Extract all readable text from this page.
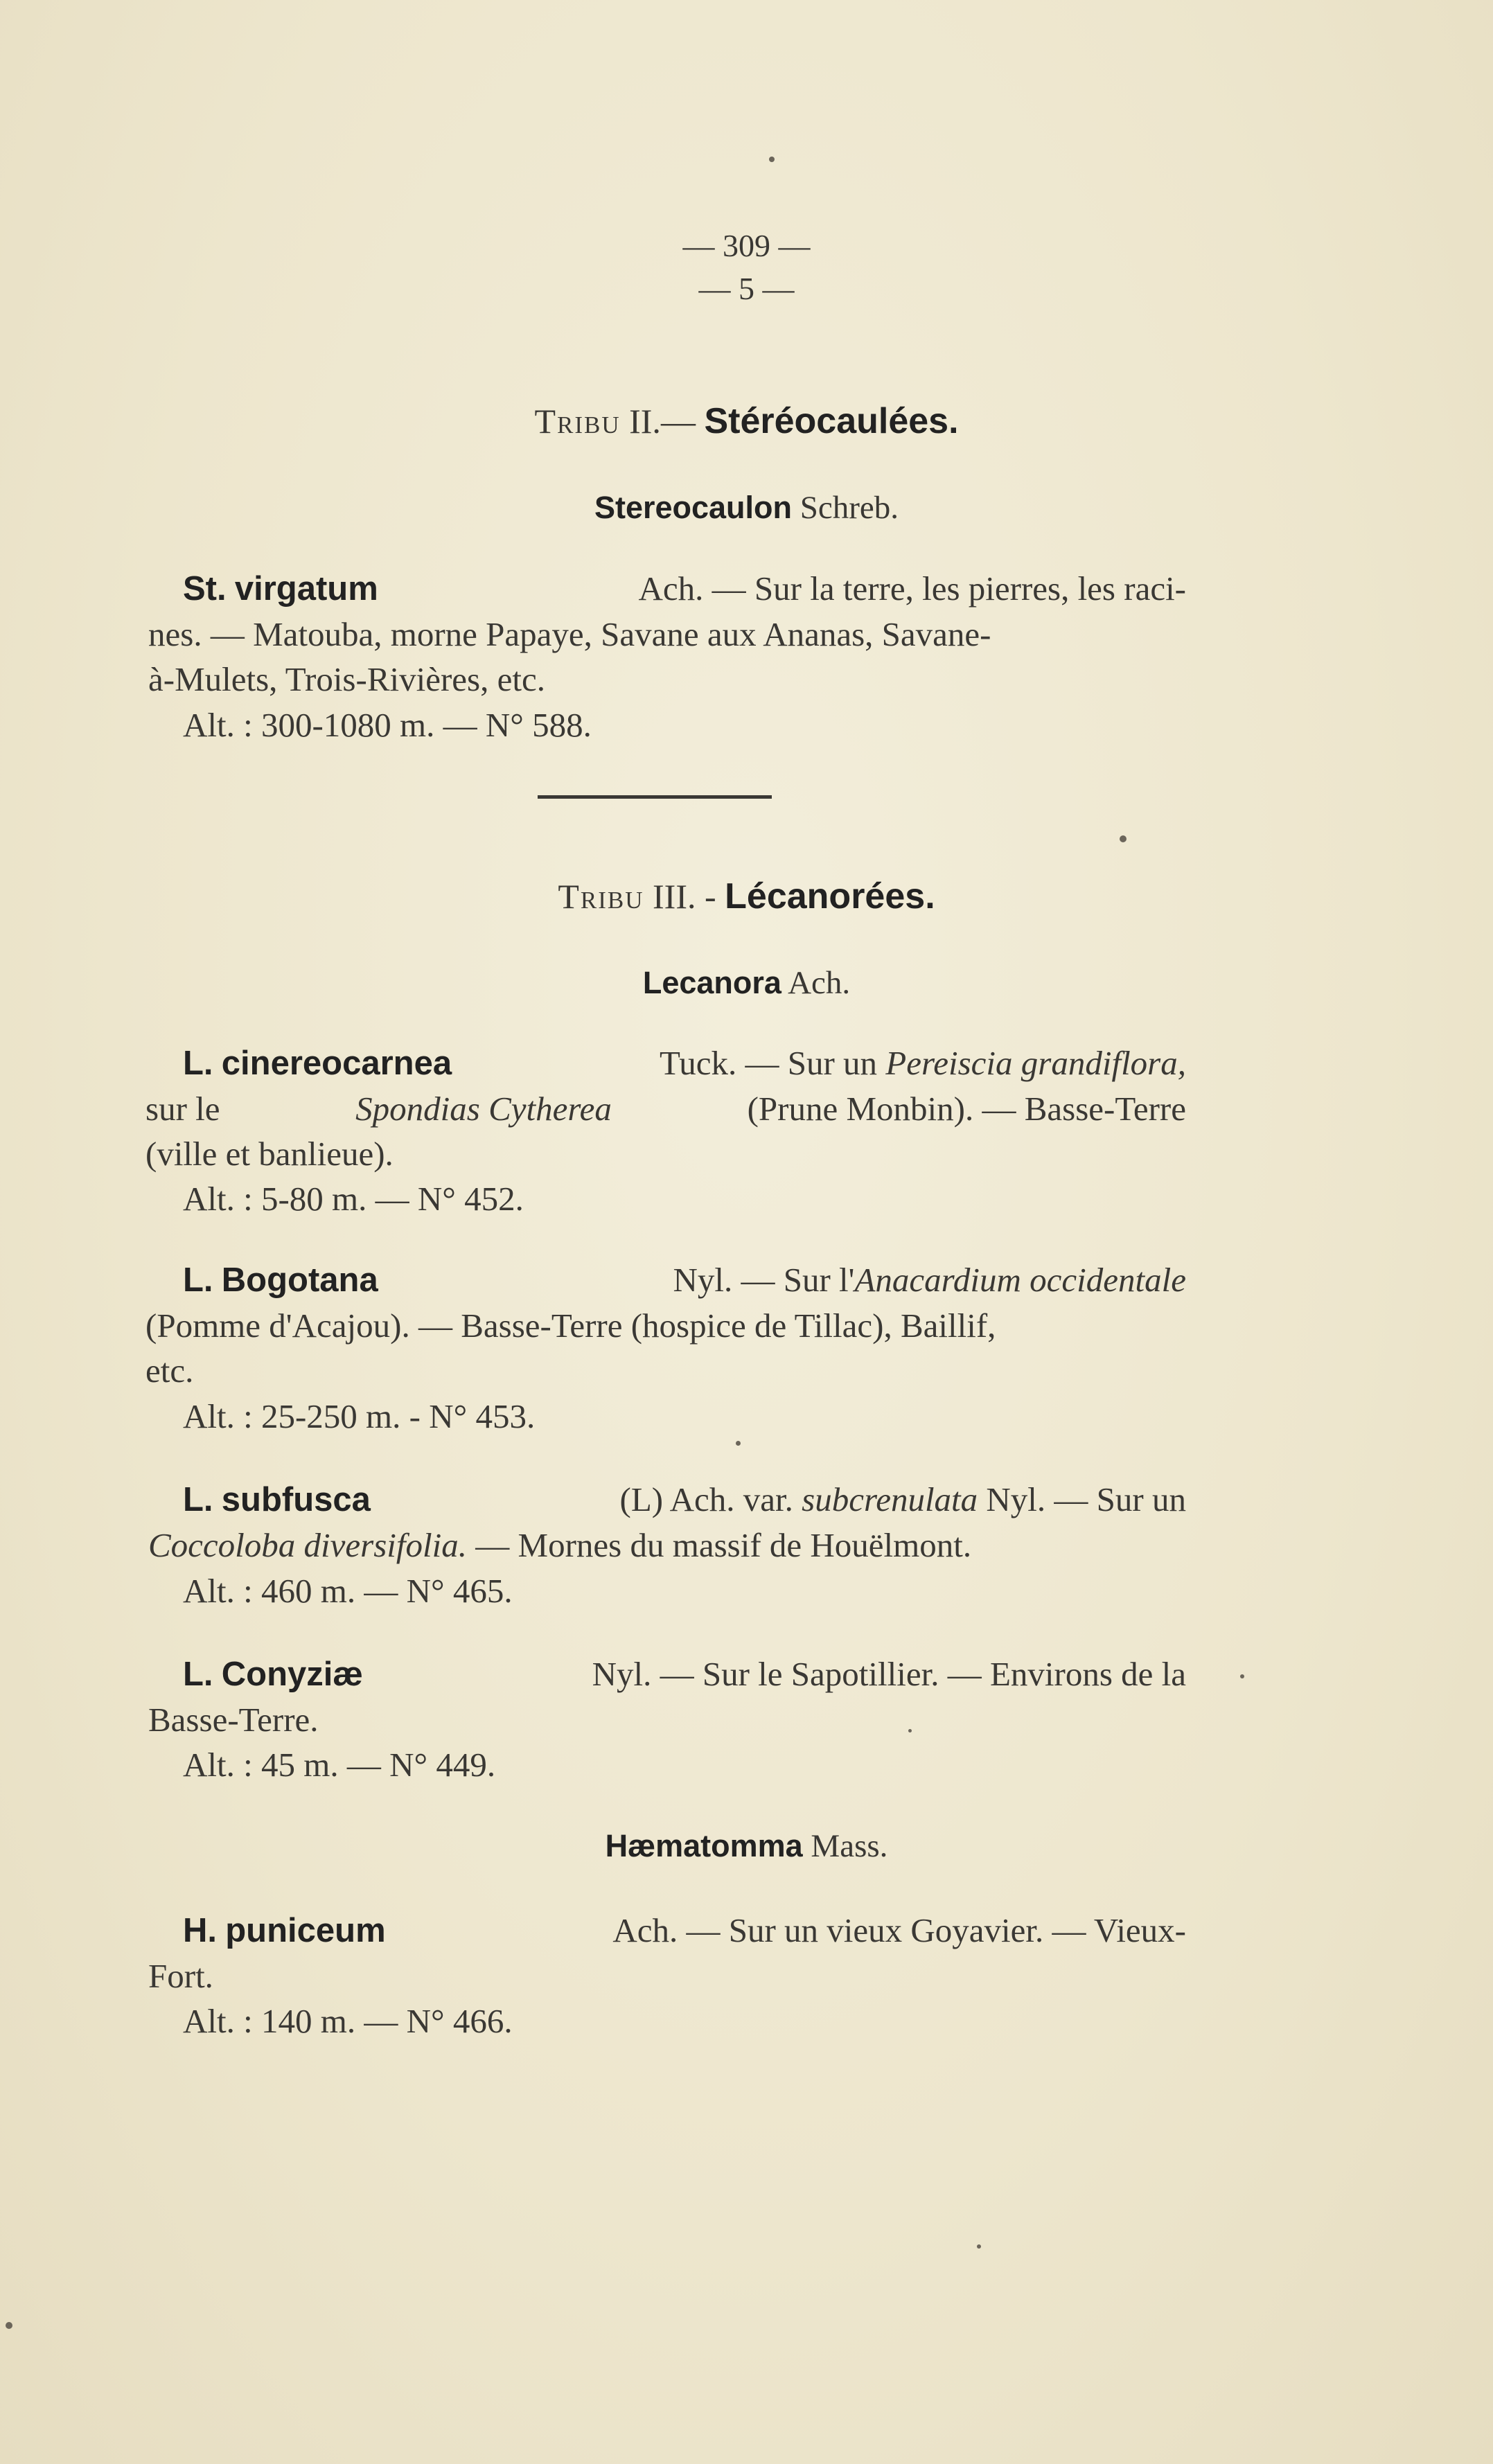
— 309 —
— 5 —
Tribu II.— Stéréocaulées.
Stereocaulon Schreb.
St. virgatum	Ach. — Sur la terre, les pierres, les raci-
nes. — Matouba, morne Papaye, Savane aux Ananas, Savane-
à-Mulets, Trois-Rivières, etc.
Alt. : 300-1080 m. — N° 588.
Tribu III. - Lécanorées.
Lecanora Ach.
L. cinereocarnea	Tuck. — Sur un Pereiscia grandiflora,
sur le	Spondias Cytherea	(Prune Monbin). — Basse-Terre
(ville et banlieue).
Alt. : 5-80 m. — N° 452.
L. Bogotana	Nyl. — Sur l'Anacardium occidentale
(Pomme d'Acajou). — Basse-Terre (hospice de Tillac), Baillif,
etc.
Alt. : 25-250 m. - N° 453.
L. subfusca	(L) Ach. var. subcrenulata Nyl. — Sur un
Coccoloba diversifolia. — Mornes du massif de Houëlmont.
Alt. : 460 m. — N° 465.
L. Conyziæ	Nyl. — Sur le Sapotillier. — Environs de la
Basse-Terre.
Alt. : 45 m. — N° 449.
Hæmatomma Mass.
H. puniceum	Ach. — Sur un vieux Goyavier. — Vieux-
Fort.
Alt. : 140 m. — N° 466.
